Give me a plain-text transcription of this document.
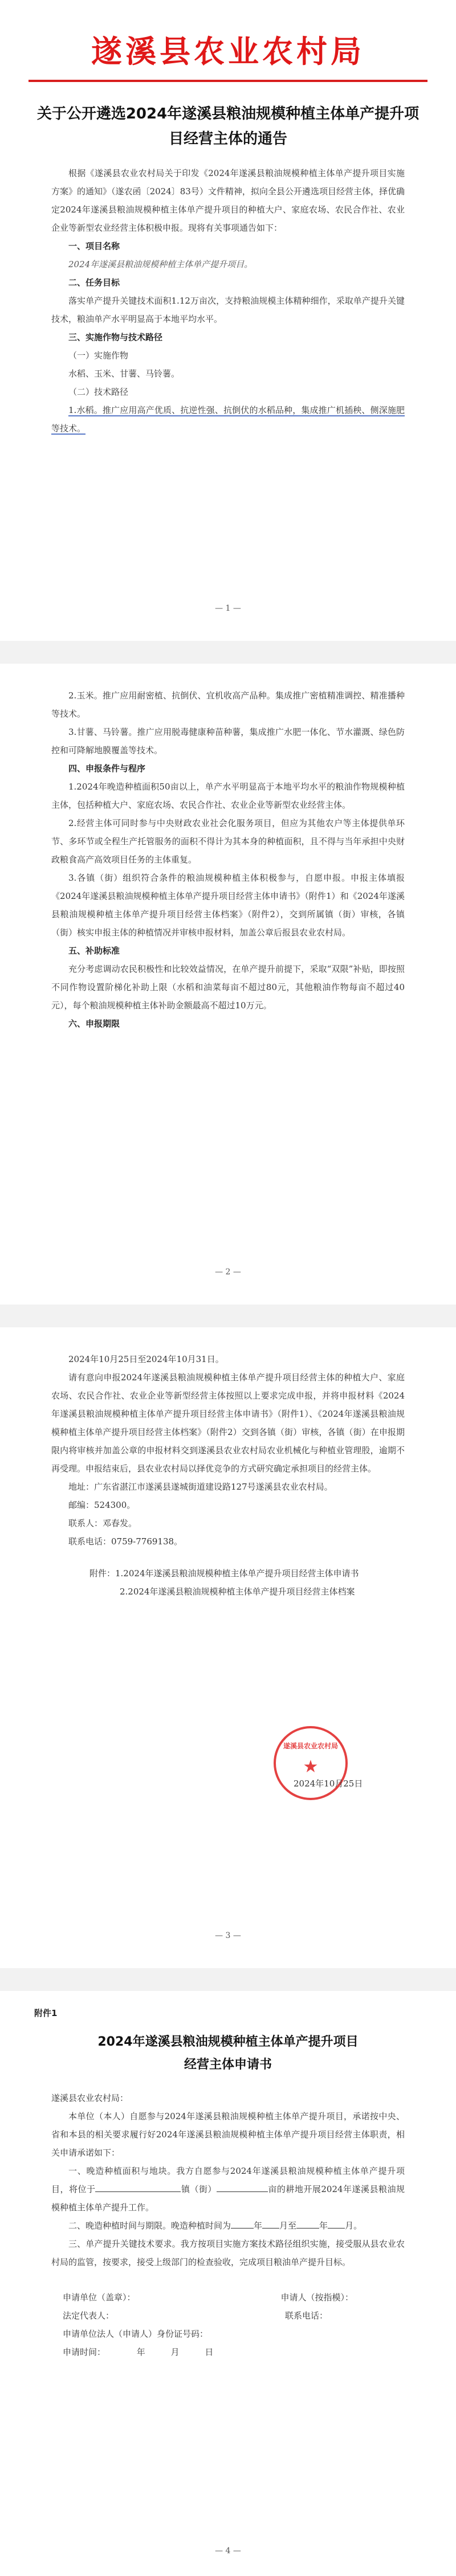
遂溪县农业农村局
关于公开遴选2024年遂溪县粮油规模种植主体单产提升项目经营主体的通告

根据《遂溪县农业农村局关于印发《2024年遂溪县粮油规模种植主体单产提升项目实施方案》的通知》（遂农函〔2024〕83号）文件精神，拟向全县公开遴选项目经营主体，择优确定2024年遂溪县粮油规模种植主体单产提升项目的种植大户、家庭农场、农民合作社、农业企业等新型农业经营主体积极申报。现将有关事项通告如下：

一、项目名称

2024年遂溪县粮油规模种植主体单产提升项目。

二、任务目标

落实单产提升关键技术面积1.12万亩次，支持粮油规模主体精种细作，采取单产提升关键技术，粮油单产水平明显高于本地平均水平。

三、实施作物与技术路径

（一）实施作物

水稻、玉米、甘薯、马铃薯。

（二）技术路径

1.水稻。推广应用高产优质、抗逆性强、抗倒伏的水稻品种，集成推广机插秧、侧深施肥等技术。

— 1 —

2.玉米。推广应用耐密植、抗倒伏、宜机收高产品种。集成推广密植精准调控、精准播种等技术。

3.甘薯、马铃薯。推广应用脱毒健康种苗种薯，集成推广水肥一体化、节水灌溉、绿色防控和可降解地膜覆盖等技术。

四、申报条件与程序

1.2024年晚造种植面积50亩以上，单产水平明显高于本地平均水平的粮油作物规模种植主体，包括种植大户、家庭农场、农民合作社、农业企业等新型农业经营主体。

2.经营主体可同时参与中央财政农业社会化服务项目，但应为其他农户等主体提供单环节、多环节或全程生产托管服务的面积不得计为其本身的种植面积，且不得与当年承担中央财政粮食高产高效项目任务的主体重复。

3.各镇（街）组织符合条件的粮油规模种植主体积极参与，自愿申报。申报主体填报《2024年遂溪县粮油规模种植主体单产提升项目经营主体申请书》（附件1）和《2024年遂溪县粮油规模种植主体单产提升项目经营主体档案》（附件2），交到所属镇（街）审核，各镇（街）核实申报主体的种植情况并审核申报材料，加盖公章后报县农业农村局。

五、补助标准

充分考虑调动农民积极性和比较效益情况，在单产提升前提下，采取“双限”补贴，即按照不同作物设置阶梯化补助上限（水稻和油菜每亩不超过80元，其他粮油作物每亩不超过40元），每个粮油规模种植主体补助金额最高不超过10万元。

六、申报期限

— 2 —

2024年10月25日至2024年10月31日。

请有意向申报2024年遂溪县粮油规模种植主体单产提升项目经营主体的种植大户、家庭农场、农民合作社、农业企业等新型经营主体按照以上要求完成申报，并将申报材料《2024年遂溪县粮油规模种植主体单产提升项目经营主体申请书》（附件1）、《2024年遂溪县粮油规模种植主体单产提升项目经营主体档案》（附件2）交到各镇（街）审核，各镇（街）在申报期限内将审核并加盖公章的申报材料交到遂溪县农业农村局农业机械化与种植业管理股，逾期不再受理。申报结束后，县农业农村局以择优竞争的方式研究确定承担项目的经营主体。

地址：广东省湛江市遂溪县遂城街道建设路127号遂溪县农业农村局。

邮编：524300。

联系人：邓春发。

联系电话：0759-7769138。

附件： 1.2024年遂溪县粮油规模种植主体单产提升项目经营主体申请书
2.2024年遂溪县粮油规模种植主体单产提升项目经营主体档案
遂溪县农业农村局
★
2024年10月25日
— 3 —
附件1
2024年遂溪县粮油规模种植主体单产提升项目经营主体申请书

遂溪县农业农村局：

本单位（本人）自愿参与2024年遂溪县粮油规模种植主体单产提升项目，承诺按中央、省和本县的相关要求履行好2024年遂溪县粮油规模种植主体单产提升项目经营主体职责，相关申请承诺如下：

一、晚造种植面积与地块。我方自愿参与2024年遂溪县粮油规模种植主体单产提升项目，将位于	镇（街）	亩的耕地开展2024年遂溪县粮油规模种植主体单产提升工作。

二、晚造种植时间与期限。晚造种植时间为	年 月至	年 月。

三、单产提升关键技术要求。我方按项目实施方案技术路径组织实施，接受服从县农业农村局的监管，按要求，接受上级部门的检查验收，完成项目粮油单产提升目标。

申请单位（盖章）：	申请人（按指模）：
法定代表人：	联系电话：
申请单位法人（申请人）身份证号码：
申请时间：	年	月	日
— 4 —
